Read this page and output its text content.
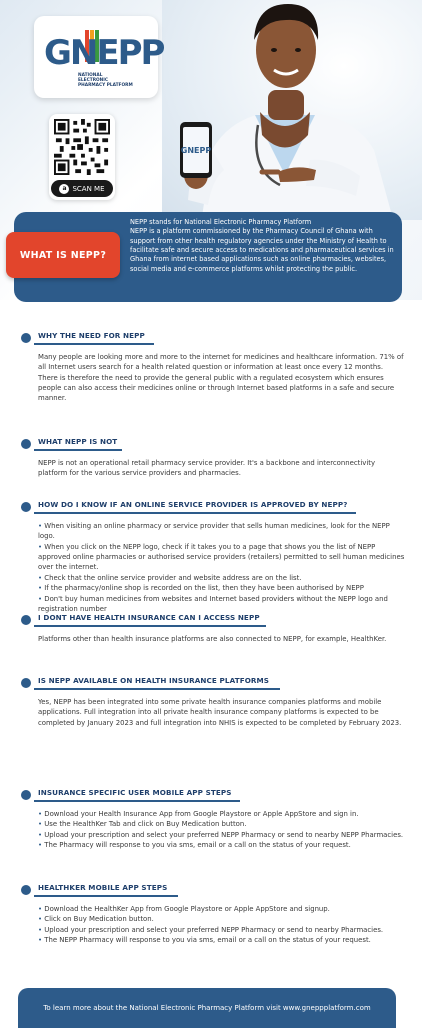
GNEPP
GNEPP
NATIONAL
ELECTRONIC
PHARMACY PLATFORM
a SCAN ME

NEPP stands for National Electronic Pharmacy Platform

NEPP is a platform commissioned by the Pharmacy Council of Ghana with support from other health regulatory agencies under the Ministry of Health to facilitate safe and secure access to medications and pharmaceutical services in Ghana from internet based applications such as online pharmacies, websites, social media and e-commerce platforms whilst protecting the public.

WHAT IS NEPP?
WHY THE NEED FOR NEPP

Many people are looking more and more to the internet for medicines and healthcare information. 71% of all Internet users search for a health related question or information at least once every 12 months.

There is therefore the need to provide the general public with a regulated ecosystem which ensures people can also access their medicines online or through Internet based platforms in a safe and secure manner.

WHAT NEPP IS NOT

NEPP is not an operational retail pharmacy service provider. It's a backbone and interconnectivity platform for the various service providers and pharmacies.

HOW DO I KNOW IF AN ONLINE SERVICE PROVIDER IS APPROVED BY NEPP?
• When visiting an online pharmacy or service provider that sells human medicines, look for the NEPP logo.
• When you click on the NEPP logo, check if it takes you to a page that shows you the list of NEPP approved online pharmacies or authorised service providers (retailers) permitted to sell human medicines over the internet.
• Check that the online service provider and website address are on the list.
• If the pharmacy/online shop is recorded on the list, then they have been authorised by NEPP
• Don't buy human medicines from websites and Internet based providers without the NEPP logo and registration number
I DONT HAVE HEALTH INSURANCE CAN I ACCESS NEPP

Platforms other than health insurance platforms are also connected to NEPP, for example, HealthKer.

IS NEPP AVAILABLE ON HEALTH INSURANCE PLATFORMS

Yes, NEPP has been integrated into some private health insurance companies platforms and mobile applications. Full integration into all private health insurance company platforms is expected to be completed by January 2023 and full integration into NHIS is expected to be completed by February 2023.

INSURANCE SPECIFIC USER MOBILE APP STEPS
• Download your Health Insurance App from Google Playstore or Apple AppStore and sign in.
• Use the HealthKer Tab and click on Buy Medication button.
• Upload your prescription and select your preferred NEPP Pharmacy or send to nearby NEPP Pharmacies.
• The Pharmacy will response to you via sms, email or a call on the status of your request.
HEALTHKER MOBILE APP STEPS
• Download the HealthKer App from Google Playstore or Apple AppStore and signup.
• Click on Buy Medication button.
• Upload your prescription and select your preferred NEPP Pharmacy or send to nearby Pharmacies.
• The NEPP Pharmacy will response to you via sms, email or a call on the status of your request.
To learn more about the National Electronic Pharmacy Platform visit www.gneppplatform.com
